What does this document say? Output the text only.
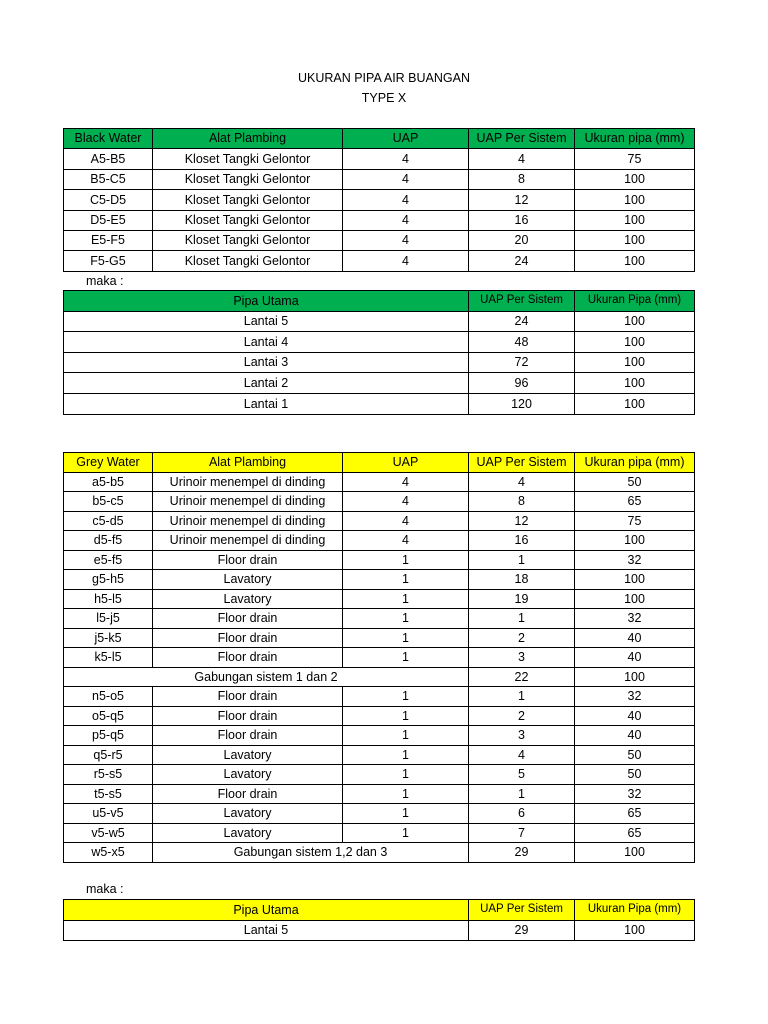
UKURAN PIPA AIR BUANGAN
TYPE X
Black Water	Alat Plambing	UAP	UAP Per Sistem	Ukuran pipa (mm)
A5-B5	Kloset Tangki Gelontor	4	4	75
B5-C5	Kloset Tangki Gelontor	4	8	100
C5-D5	Kloset Tangki Gelontor	4	12	100
D5-E5	Kloset Tangki Gelontor	4	16	100
E5-F5	Kloset Tangki Gelontor	4	20	100
F5-G5	Kloset Tangki Gelontor	4	24	100
maka :
Pipa Utama	UAP Per Sistem	Ukuran Pipa (mm)
Lantai 5	24	100
Lantai 4	48	100
Lantai 3	72	100
Lantai 2	96	100
Lantai 1	120	100
Grey Water	Alat Plambing	UAP	UAP Per Sistem	Ukuran pipa (mm)
a5-b5	Urinoir menempel di dinding	4	4	50
b5-c5	Urinoir menempel di dinding	4	8	65
c5-d5	Urinoir menempel di dinding	4	12	75
d5-f5	Urinoir menempel di dinding	4	16	100
e5-f5	Floor drain	1	1	32
g5-h5	Lavatory	1	18	100
h5-l5	Lavatory	1	19	100
l5-j5	Floor drain	1	1	32
j5-k5	Floor drain	1	2	40
k5-l5	Floor drain	1	3	40
Gabungan sistem 1 dan 2			22	100
n5-o5	Floor drain	1	1	32
o5-q5	Floor drain	1	2	40
p5-q5	Floor drain	1	3	40
q5-r5	Lavatory	1	4	50
r5-s5	Lavatory	1	5	50
t5-s5	Floor drain	1	1	32
u5-v5	Lavatory	1	6	65
v5-w5	Lavatory	1	7	65
w5-x5	Gabungan sistem 1,2 dan 3		29	100
maka :
Pipa Utama	UAP Per Sistem	Ukuran Pipa (mm)
Lantai 5	29	100
